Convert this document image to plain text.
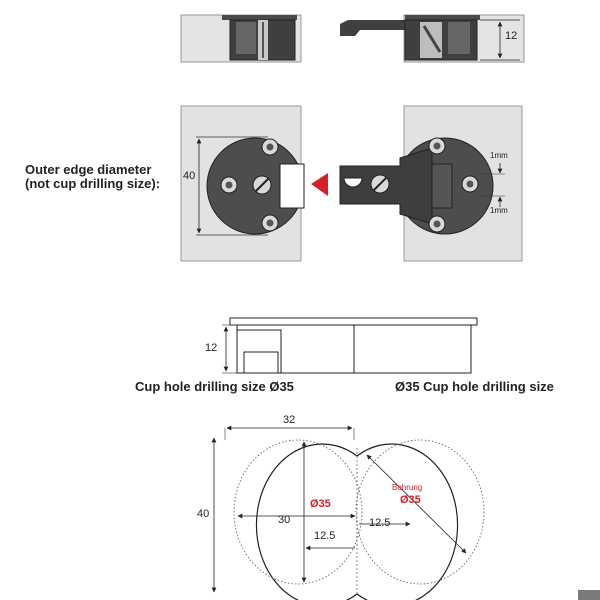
12
Outer edge diameter
(not cup drilling size): 40
1mm
1mm
12
Cup hole drilling size Ø35	Ø35 Cup hole drilling size
32
40
Ø35
Bohrung
Ø35
30
12.5
12.5
